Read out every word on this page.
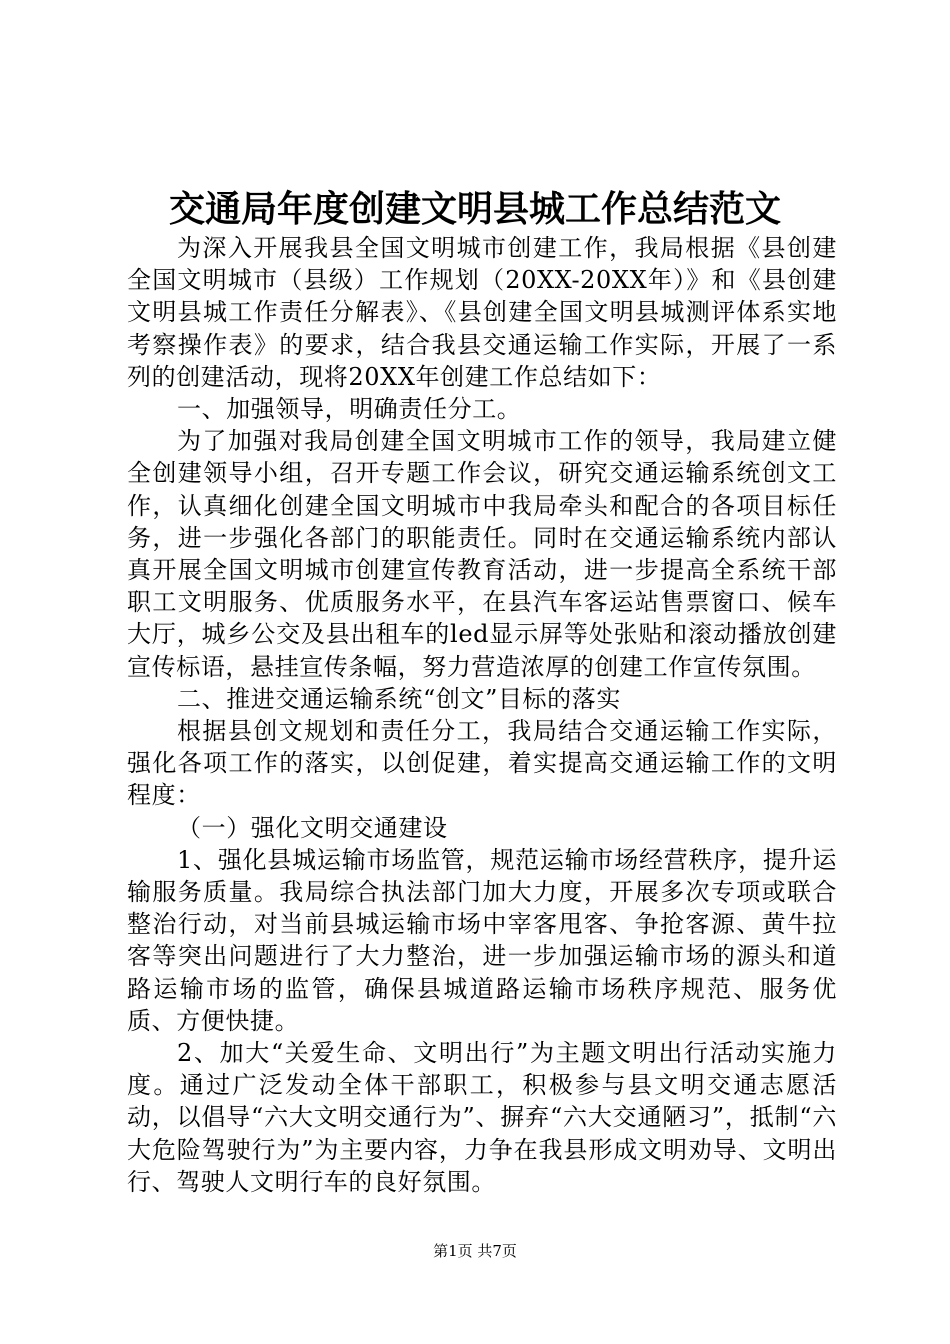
交通局年度创建文明县城工作总结范文

为深入开展我县全国文明城市创建工作，我局根据《县创建全国文明城市（县级）工作规划（20XX-20XX年）》和《县创建文明县城工作责任分解表》、《县创建全国文明县城测评体系实地考察操作表》的要求，结合我县交通运输工作实际，开展了一系列的创建活动，现将20XX年创建工作总结如下：

一、加强领导，明确责任分工。

为了加强对我局创建全国文明城市工作的领导，我局建立健全创建领导小组，召开专题工作会议，研究交通运输系统创文工作，认真细化创建全国文明城市中我局牵头和配合的各项目标任务，进一步强化各部门的职能责任。同时在交通运输系统内部认真开展全国文明城市创建宣传教育活动，进一步提高全系统干部职工文明服务、优质服务水平，在县汽车客运站售票窗口、候车大厅，城乡公交及县出租车的led显示屏等处张贴和滚动播放创建宣传标语，悬挂宣传条幅，努力营造浓厚的创建工作宣传氛围。

二、推进交通运输系统“创文”目标的落实

根据县创文规划和责任分工，我局结合交通运输工作实际，强化各项工作的落实，以创促建，着实提高交通运输工作的文明程度：

（一）强化文明交通建设

1、强化县城运输市场监管，规范运输市场经营秩序，提升运输服务质量。我局综合执法部门加大力度，开展多次专项或联合整治行动，对当前县城运输市场中宰客甩客、争抢客源、黄牛拉客等突出问题进行了大力整治，进一步加强运输市场的源头和道路运输市场的监管，确保县城道路运输市场秩序规范、服务优质、方便快捷。

2、加大“关爱生命、文明出行”为主题文明出行活动实施力度。通过广泛发动全体干部职工，积极参与县文明交通志愿活动，以倡导“六大文明交通行为”、摒弃“六大交通陋习”，抵制“六大危险驾驶行为”为主要内容，力争在我县形成文明劝导、文明出行、驾驶人文明行车的良好氛围。

第1页 共7页
